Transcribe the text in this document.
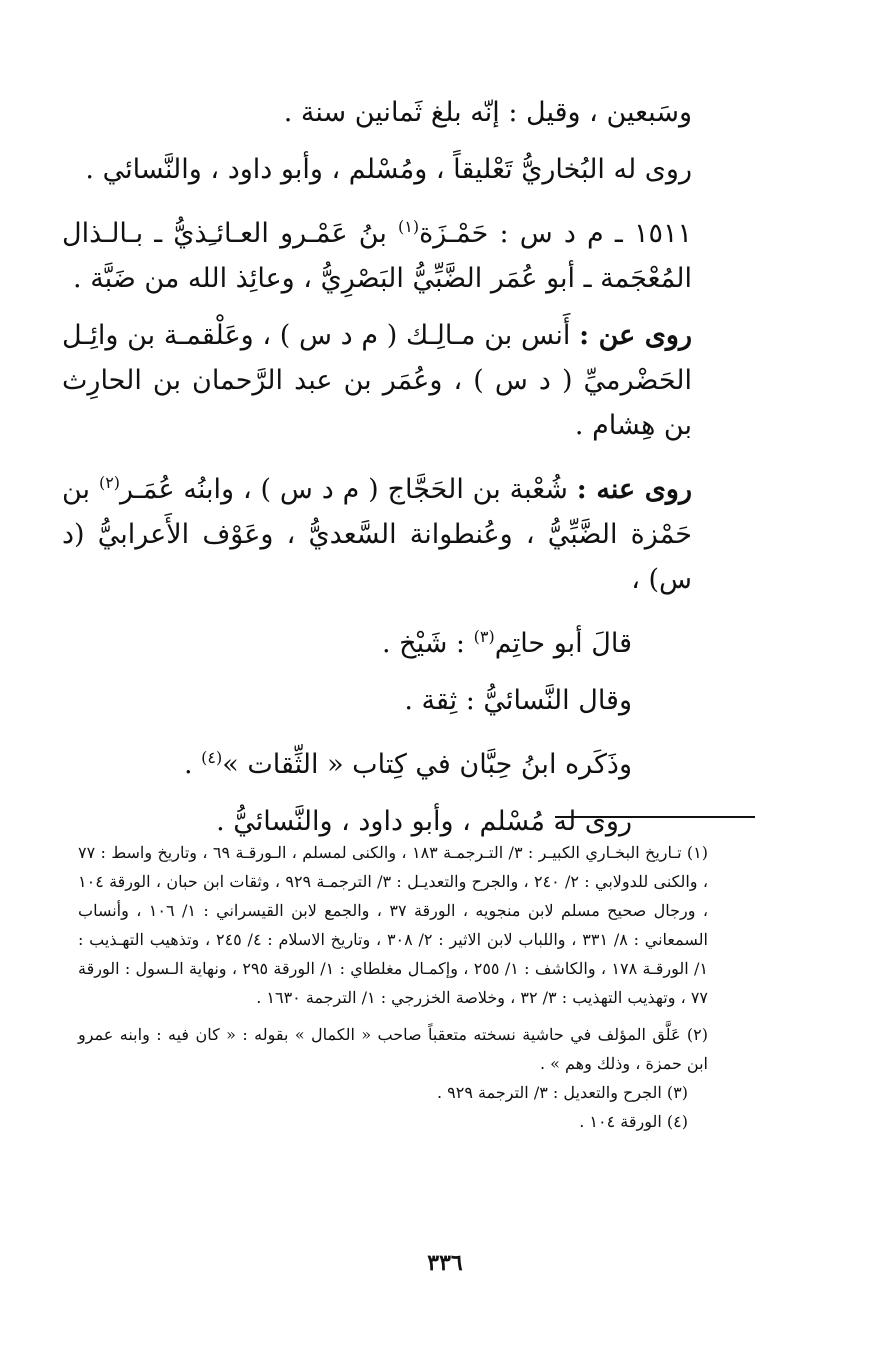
وسَبعين ، وقيل : إنّه بلغ ثَمانين سنة .

روى له البُخاريُّ تَعْليقاً ، ومُسْلم ، وأبو داود ، والنَّسائي .

١٥١١ ـ م د س : حَمْـزَة$^{(١)}$ بنُ عَمْـرو العـائـِذيُّ ـ بـالـذال المُعْجَمة ـ أبو عُمَر الضَّبِّيُّ البَصْرِيُّ ، وعائِذ الله من ضَبَّة .

روى عن : أَنس بن مـالِـك ( م د س ) ، وعَلْقمـة بن وائِـل الحَضْرميِّ ( د س ) ، وعُمَر بن عبد الرَّحمان بن الحارِث بن هِشام .

روى عنه : شُعْبة بن الحَجَّاج ( م د س ) ، وابنُه عُمَـر$^{(٢)}$ بن حَمْزة الضَّبِّيُّ ، وعُنطوانة السَّعديُّ ، وعَوْف الأَعرابيُّ (د س) ،

قالَ أبو حاتِم$^{(٣)}$ : شَيْخ .

وقال النَّسائيُّ : ثِقة .

وذَكَره ابنُ حِبَّان في كِتاب « الثِّقات »$^{(٤)}$ .

روى له مُسْلم ، وأبو داود ، والنَّسائيُّ .

(١) تـاريخ البخـاري الكبيـر : ٣/ التـرجمـة ١٨٣ ، والكنى لمسلم ، الـورقـة ٦٩ ، وتاريخ واسط : ٧٧ ، والكنى للدولابي : ٢/ ٢٤٠ ، والجرح والتعديـل : ٣/ الترجمـة ٩٢٩ ، وثقات ابن حبان ، الورقة ١٠٤ ، ورجال صحيح مسلم لابن منجويه ، الورقة ٣٧ ، والجمع لابن القيسراني : ١/ ١٠٦ ، وأنساب السمعاني : ٨/ ٣٣١ ، واللباب لابن الاثير : ٢/ ٣٠٨ ، وتاريخ الاسلام : ٤/ ٢٤٥ ، وتذهيب التهـذيب : ١/ الورقـة ١٧٨ ، والكاشف : ١/ ٢٥٥ ، وإكمـال مغلطاي : ١/ الورقة ٢٩٥ ، ونهاية الـسول : الورقة ٧٧ ، وتهذيب التهذيب : ٣/ ٣٢ ، وخلاصة الخزرجي : ١/ الترجمة ١٦٣٠ .

(٢) عَلَّق المؤلف في حاشية نسخته متعقباً صاحب « الكمال » بقوله : « كان فيه : وابنه عمرو ابن حمزة ، وذلك وهم » .

(٣) الجرح والتعديل : ٣/ الترجمة ٩٢٩ .

(٤) الورقة ١٠٤ .

٣٣٦
